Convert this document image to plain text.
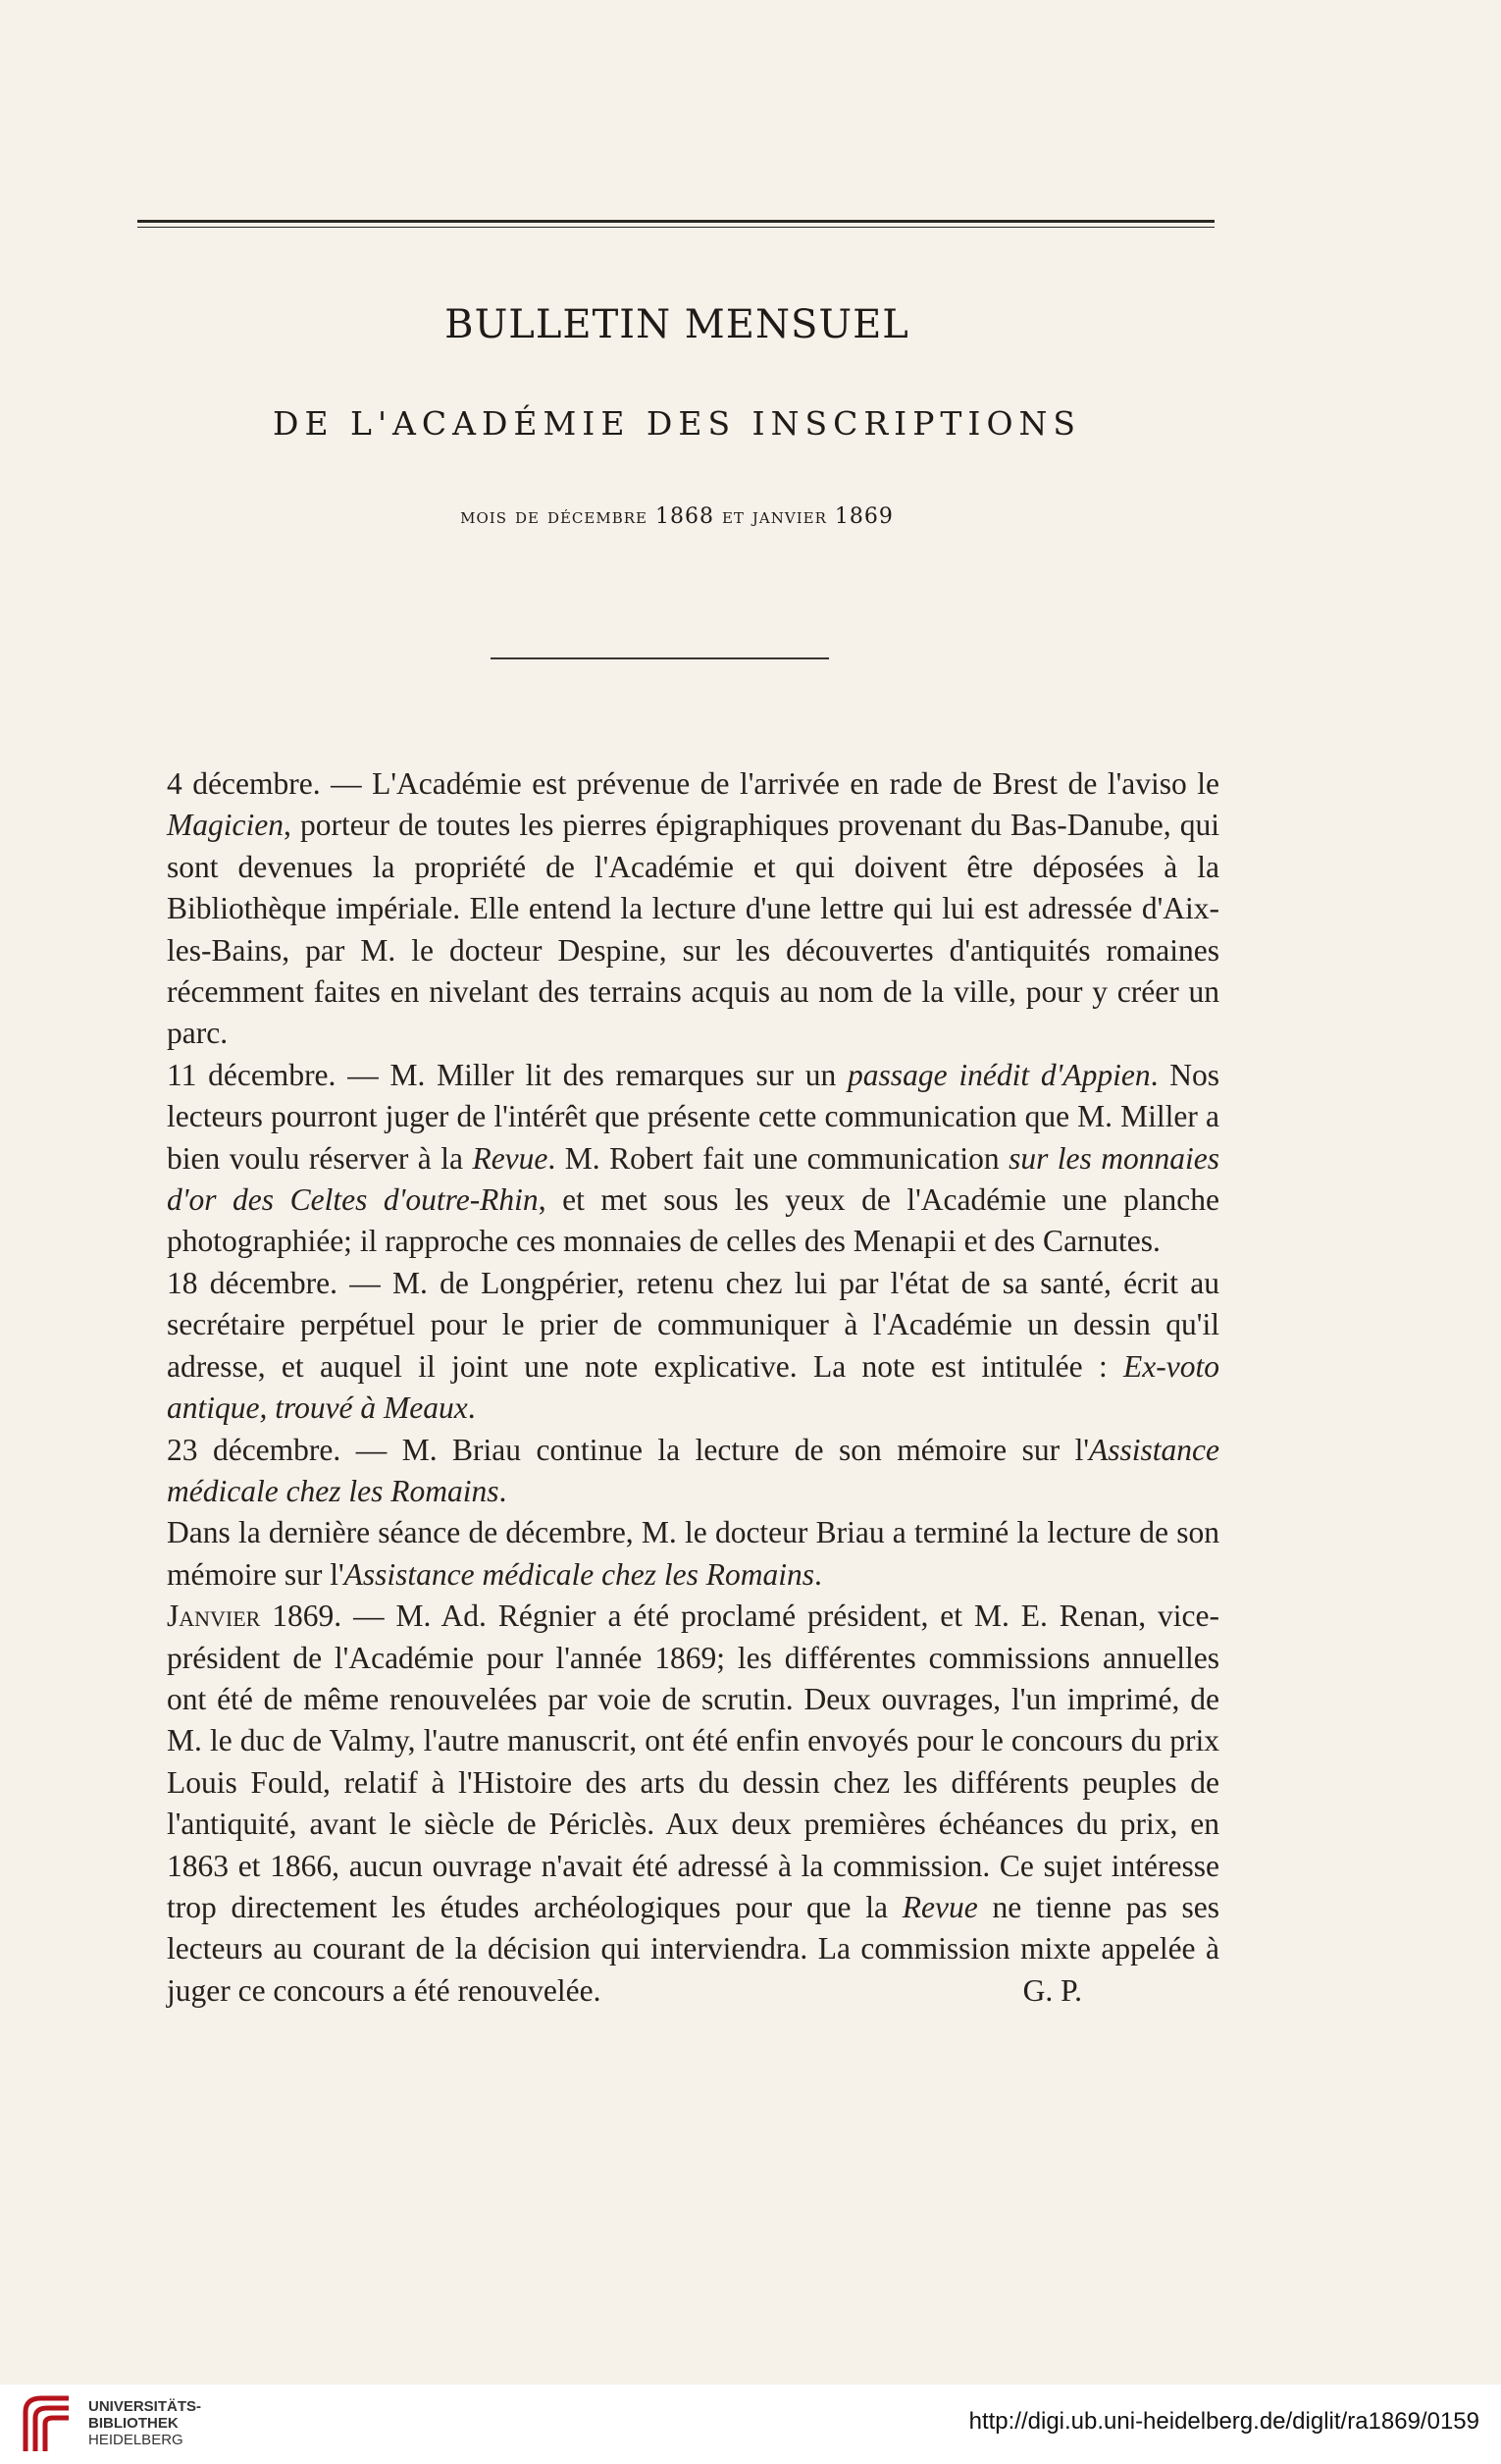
BULLETIN MENSUEL
DE L'ACADÉMIE DES INSCRIPTIONS
mois de décembre 1868 et janvier 1869

4 décembre. — L'Académie est prévenue de l'arrivée en rade de Brest de l'aviso le Magicien, porteur de toutes les pierres épigraphiques provenant du Bas-Danube, qui sont devenues la propriété de l'Académie et qui doivent être déposées à la Bibliothèque impériale. Elle entend la lecture d'une lettre qui lui est adressée d'Aix-les-Bains, par M. le docteur Despine, sur les découvertes d'antiquités romaines récemment faites en nivelant des terrains acquis au nom de la ville, pour y créer un parc.

11 décembre. — M. Miller lit des remarques sur un passage inédit d'Appien. Nos lecteurs pourront juger de l'intérêt que présente cette communication que M. Miller a bien voulu réserver à la Revue. M. Robert fait une communication sur les monnaies d'or des Celtes d'outre-Rhin, et met sous les yeux de l'Académie une planche photographiée; il rapproche ces monnaies de celles des Menapii et des Carnutes.

18 décembre. — M. de Longpérier, retenu chez lui par l'état de sa santé, écrit au secrétaire perpétuel pour le prier de communiquer à l'Académie un dessin qu'il adresse, et auquel il joint une note explicative. La note est intitulée : Ex-voto antique, trouvé à Meaux.

23 décembre. — M. Briau continue la lecture de son mémoire sur l'Assistance médicale chez les Romains.

Dans la dernière séance de décembre, M. le docteur Briau a terminé la lecture de son mémoire sur l'Assistance médicale chez les Romains.

Janvier 1869. — M. Ad. Régnier a été proclamé président, et M. E. Renan, vice-président de l'Académie pour l'année 1869; les différentes commissions annuelles ont été de même renouvelées par voie de scrutin. Deux ouvrages, l'un imprimé, de M. le duc de Valmy, l'autre manuscrit, ont été enfin envoyés pour le concours du prix Louis Fould, relatif à l'Histoire des arts du dessin chez les différents peuples de l'antiquité, avant le siècle de Périclès. Aux deux premières échéances du prix, en 1863 et 1866, aucun ouvrage n'avait été adressé à la commission. Ce sujet intéresse trop directement les études archéologiques pour que la Revue ne tienne pas ses lecteurs au courant de la décision qui interviendra. La commission mixte appelée à juger ce concours a été renouvelée.	G. P.

UNIVERSITÄTS-
BIBLIOTHEK
HEIDELBERG
http://digi.ub.uni-heidelberg.de/diglit/ra1869/0159
